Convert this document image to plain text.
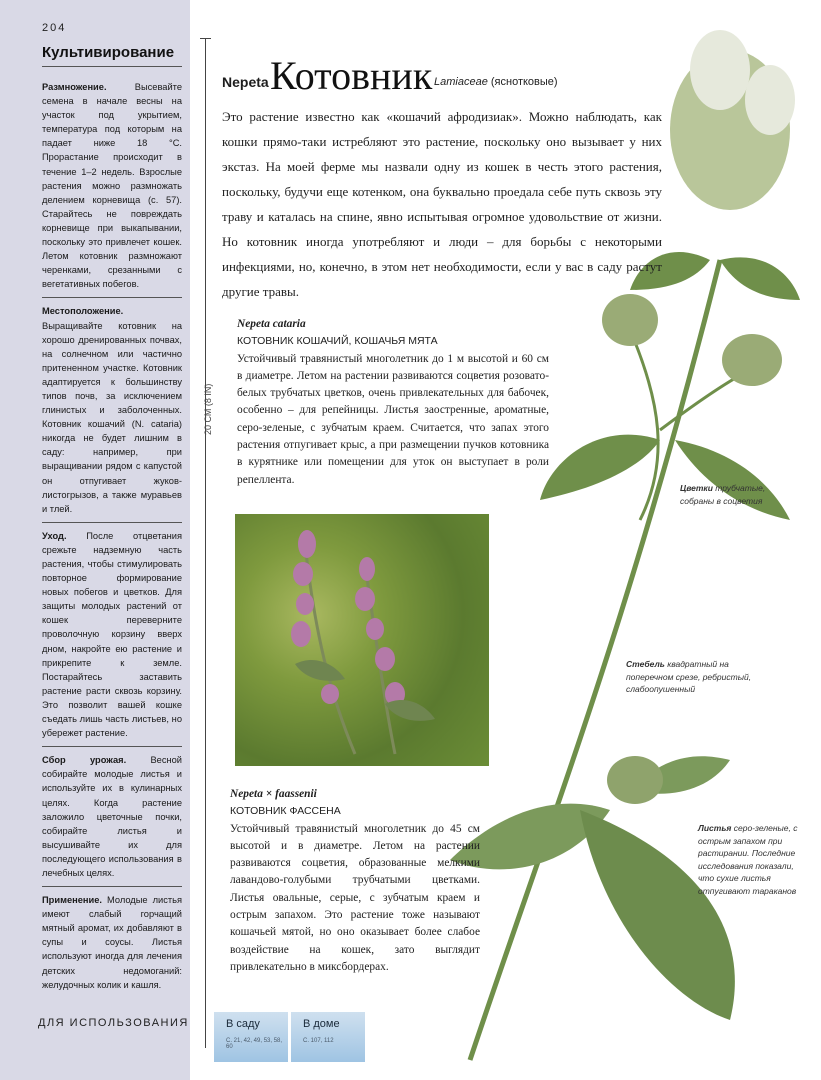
204
Культивирование
Размножение.	Высевайте семена в начале весны на участок под укрытием, температура под которым на падает ниже 18 °С. Прорастание происходит в течение 1–2 недель. Взрослые растения можно размножать делением корневища (с. 57). Старайтесь не повреждать корневище при выкапывании, поскольку это привлечет кошек. Летом котовник размножают черенками, срезанными с вегетативных побегов.
Местоположение. Выращивайте котовник на хорошо дренированных почвах, на солнечном или частично притененном участке. Котовник адаптируется к большинству типов почв, за исключением глинистых и заболоченных. Котовник кошачий (N. cataria) никогда не будет лишним в саду: например, при выращивании рядом с капустой он отпугивает жуков-листогрызов, а также муравьев и тлей.
Уход. После отцветания срежьте надземную часть растения, чтобы стимулировать повторное формирование новых побегов и цветков. Для защиты молодых растений от кошек переверните проволочную корзину вверх дном, накройте ею растение и прикрепите к земле. Постарайтесь заставить растение расти сквозь корзину. Это позволит вашей кошке съедать лишь часть листьев, но убережет растение.
Сбор урожая.	Весной собирайте молодые листья и используйте их в кулинарных целях. Когда растение заложило цветочные почки, собирайте листья и высушивайте их для последующего использования в лечебных целях.
Применение. Молодые листья имеют слабый горчащий мятный аромат, их добавляют в супы и соусы. Листья используют иногда для лечения детских недомоганий: желудочных колик и кашля.
ДЛЯ ИСПОЛЬЗОВАНИЯ	В саду
С. 21, 42, 49, 53, 58, 60
В доме
С. 107, 112
20 СМ (8 IN)
Nepeta Котовник Lamiaceae (яснотковые)
Это растение известно как «кошачий афродизиак». Можно наблюдать, как кошки прямо-таки истребляют это растение, поскольку оно вызывает у них экстаз. На моей ферме мы назвали одну из кошек в честь этого растения, поскольку, будучи еще котенком, она буквально проедала себе путь сквозь эту траву и каталась на спине, явно испытывая огромное удовольствие от жизни. Но котовник иногда употребляют и люди – для борьбы с некоторыми инфекциями, но, конечно, в этом нет необходимости, если у вас в саду растут другие травы.
Nepeta cataria
КОТОВНИК КОШАЧИЙ, КОШАЧЬЯ МЯТА
Устойчивый травянистый многолетник до 1 м высотой и 60 см в диаметре. Летом на растении развиваются соцветия розовато-белых трубчатых цветков, очень привлекательных для бабочек, особенно – для репейницы. Листья заостренные, ароматные, серо-зеленые, с зубчатым краем. Считается, что запах этого растения отпугивает крыс, а при размещении пучков котовника в курятнике или помещении для уток он выступает в роли репеллента.
Nepeta × faassenii
КОТОВНИК ФАССЕНА
Устойчивый травянистый многолетник до 45 см высотой и в диаметре. Летом на растении развиваются соцветия, образованные мелкими лавандово-голубыми трубчатыми цветками. Листья овальные, серые, с зубчатым краем и острым запахом. Это растение тоже называют кошачьей мятой, но оно оказывает более слабое воздействие на кошек, зато выглядит привлекательно в миксбордерах.
Цветки трубчатые, собраны в соцветия
Стебель квадратный на поперечном срезе, ребристый, слабоопушенный
Листья серо-зеленые, с острым запахом при растирании. Последние исследования показали, что сухие листья отпугивают тараканов
